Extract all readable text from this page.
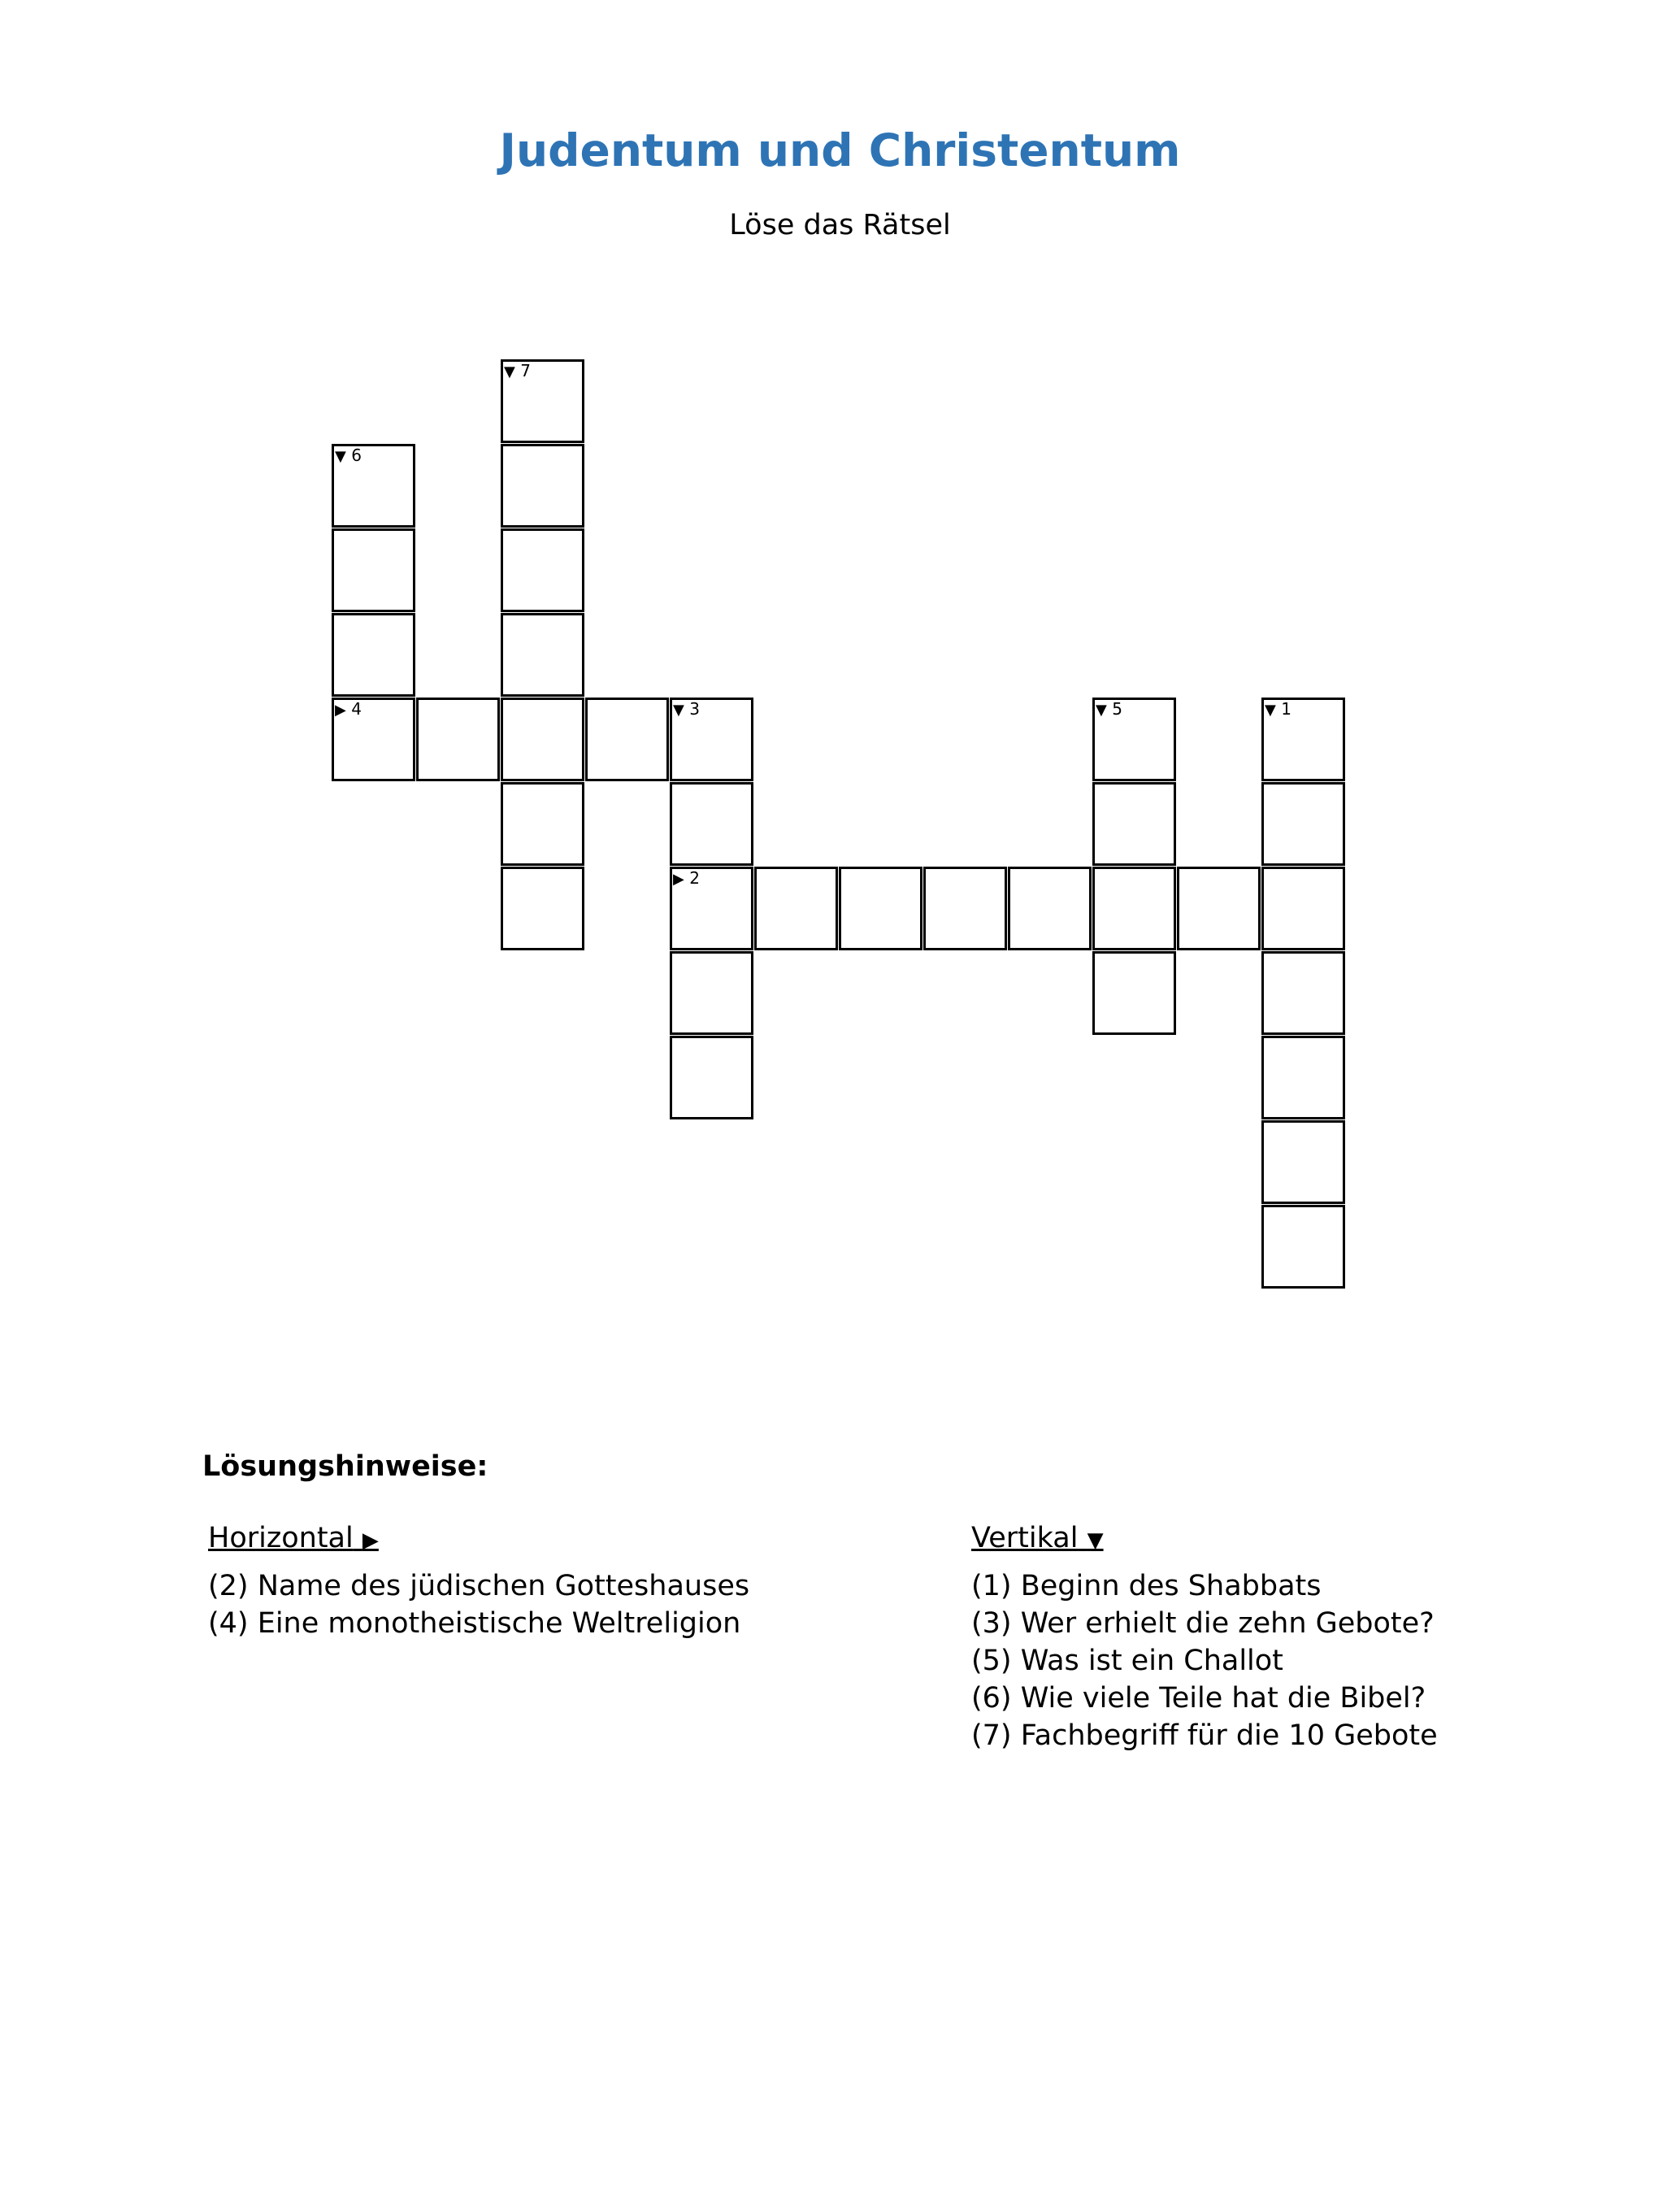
Judentum und Christentum
Löse das Rätsel
▼ 1
▶ 2
▼ 3
▶ 4	▼ 5
▼ 6
▼ 7
Lösungshinweise:
Horizontal ▶
(2) Name des jüdischen Gotteshauses
(4) Eine monotheistische Weltreligion
Vertikal ▼
(1) Beginn des Shabbats
(3) Wer erhielt die zehn Gebote?
(5) Was ist ein Challot
(6) Wie viele Teile hat die Bibel?
(7) Fachbegriff für die 10 Gebote
